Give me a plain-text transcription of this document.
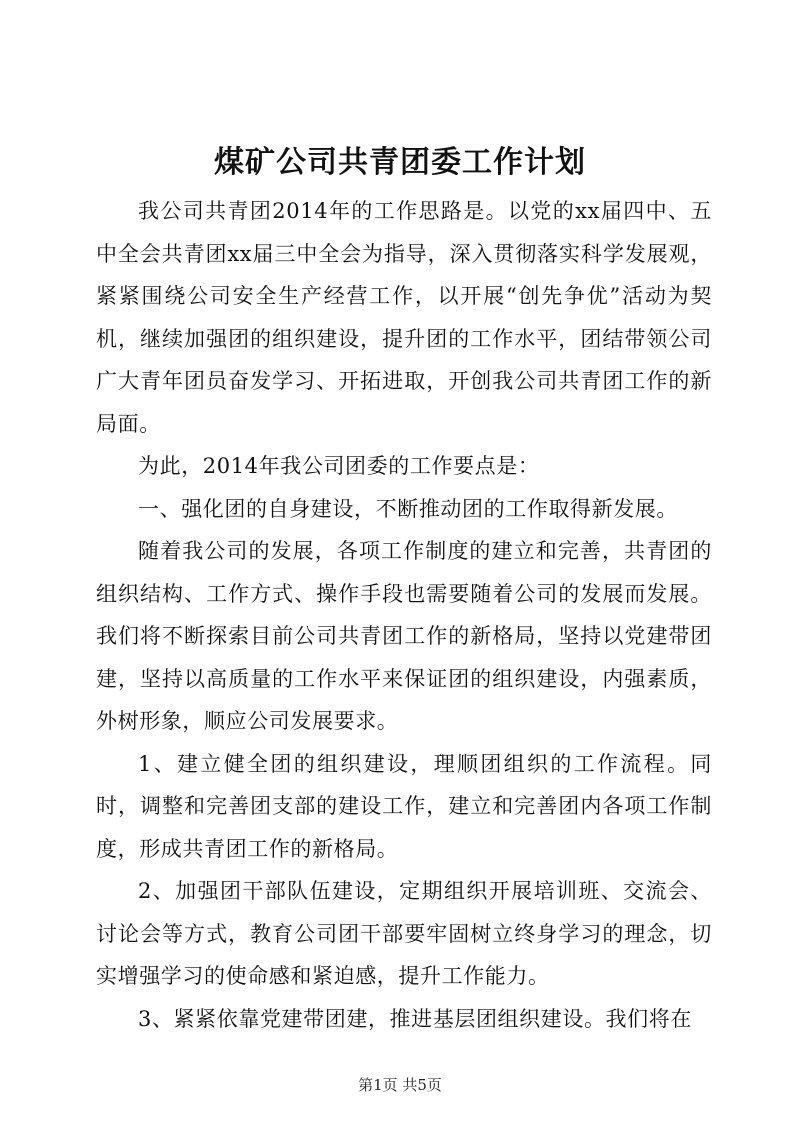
煤矿公司共青团委工作计划

我公司共青团2014年的工作思路是。以党的xx届四中、五中全会共青团xx届三中全会为指导，深入贯彻落实科学发展观，紧紧围绕公司安全生产经营工作，以开展“创先争优”活动为契机，继续加强团的组织建设，提升团的工作水平，团结带领公司广大青年团员奋发学习、开拓进取，开创我公司共青团工作的新局面。

为此，2014年我公司团委的工作要点是：

一、强化团的自身建设，不断推动团的工作取得新发展。

随着我公司的发展，各项工作制度的建立和完善，共青团的组织结构、工作方式、操作手段也需要随着公司的发展而发展。我们将不断探索目前公司共青团工作的新格局，坚持以党建带团建，坚持以高质量的工作水平来保证团的组织建设，内强素质，外树形象，顺应公司发展要求。

1、建立健全团的组织建设，理顺团组织的工作流程。同时，调整和完善团支部的建设工作，建立和完善团内各项工作制度，形成共青团工作的新格局。

2、加强团干部队伍建设，定期组织开展培训班、交流会、讨论会等方式，教育公司团干部要牢固树立终身学习的理念，切实增强学习的使命感和紧迫感，提升工作能力。

3、紧紧依靠党建带团建，推进基层团组织建设。我们将在

第1页 共5页
